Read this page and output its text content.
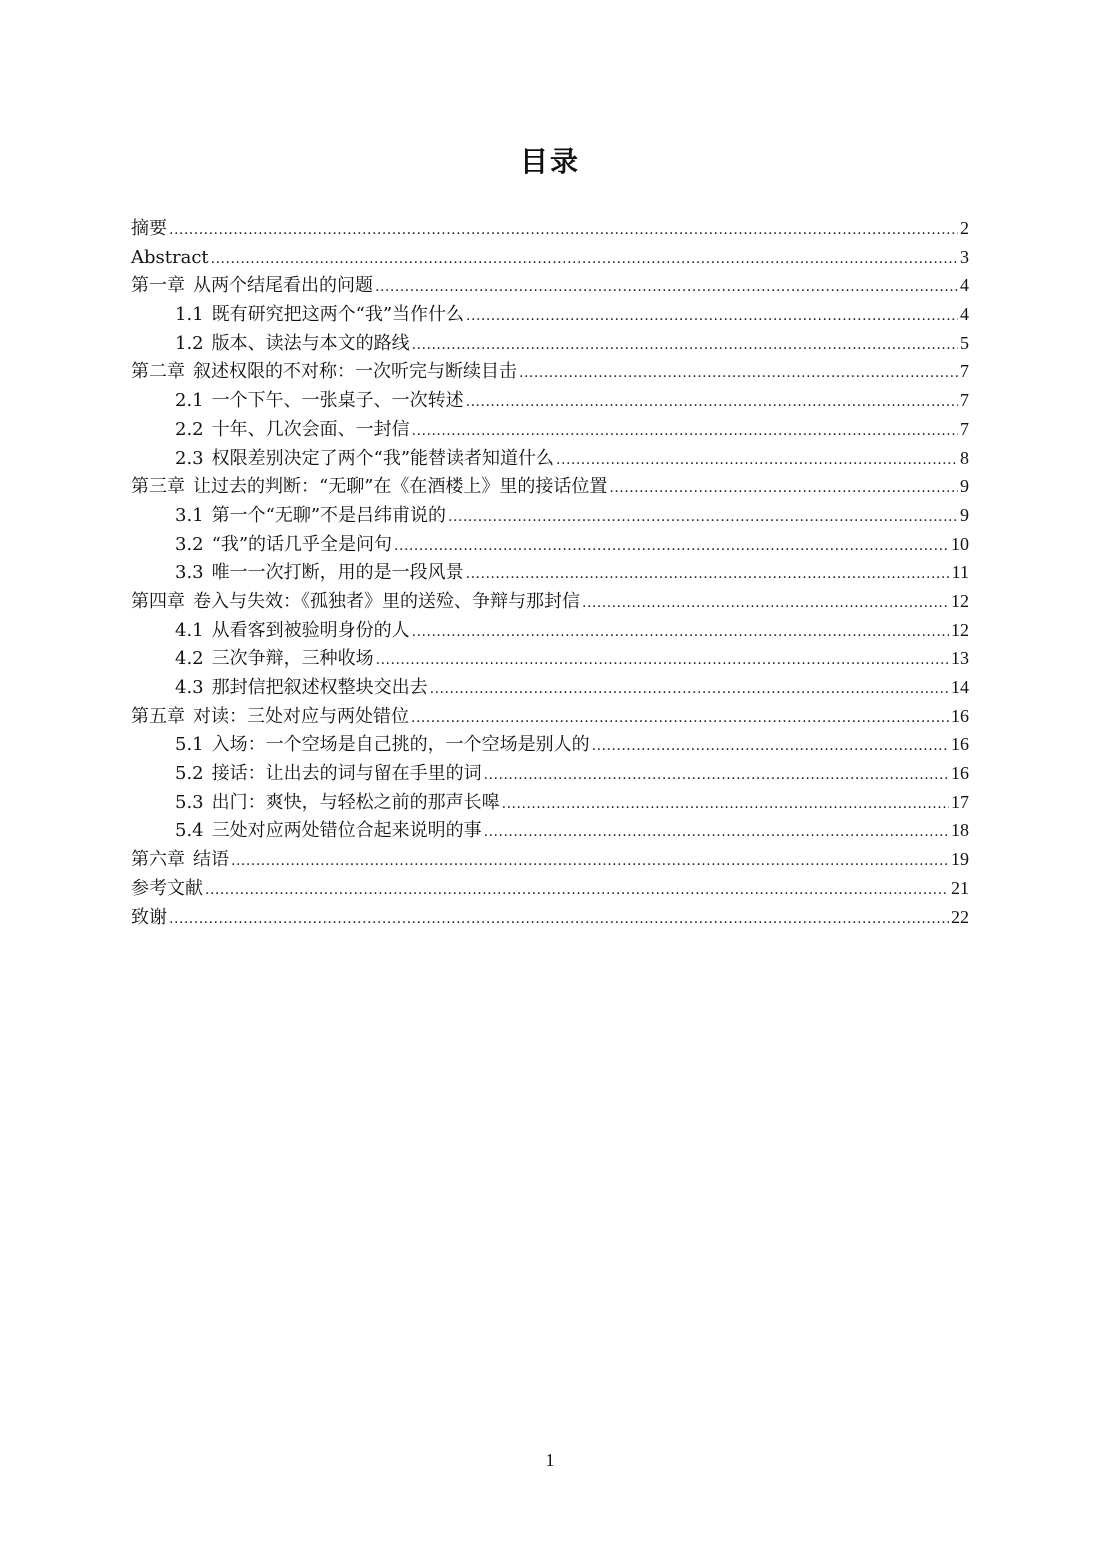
目录
摘要 .....	2
Abstract .....	3
第一章 从两个结尾看出的问题 .....	4
1.1 既有研究把这两个“我”当作什么 .....	4
1.2 版本、读法与本文的路线 .....	5
第二章 叙述权限的不对称：一次听完与断续目击 .....	7
2.1 一个下午、一张桌子、一次转述 .....	7
2.2 十年、几次会面、一封信 .....	7
2.3 权限差别决定了两个“我”能替读者知道什么 .....	8
第三章 让过去的判断：“无聊”在《在酒楼上》里的接话位置 .....	9
3.1 第一个“无聊”不是吕纬甫说的 .....	9
3.2 “我”的话几乎全是问句 .....	10
3.3 唯一一次打断，用的是一段风景 .....	11
第四章 卷入与失效：《孤独者》里的送殓、争辩与那封信 .....	12
4.1 从看客到被验明身份的人 .....	12
4.2 三次争辩，三种收场 .....	13
4.3 那封信把叙述权整块交出去 .....	14
第五章 对读：三处对应与两处错位 .....	16
5.1 入场：一个空场是自己挑的，一个空场是别人的 .....	16
5.2 接话：让出去的词与留在手里的词 .....	16
5.3 出门：爽快，与轻松之前的那声长嗥 .....	17
5.4 三处对应两处错位合起来说明的事 .....	18
第六章 结语 .....	19
参考文献 .....	21
致谢 .....	22
1
